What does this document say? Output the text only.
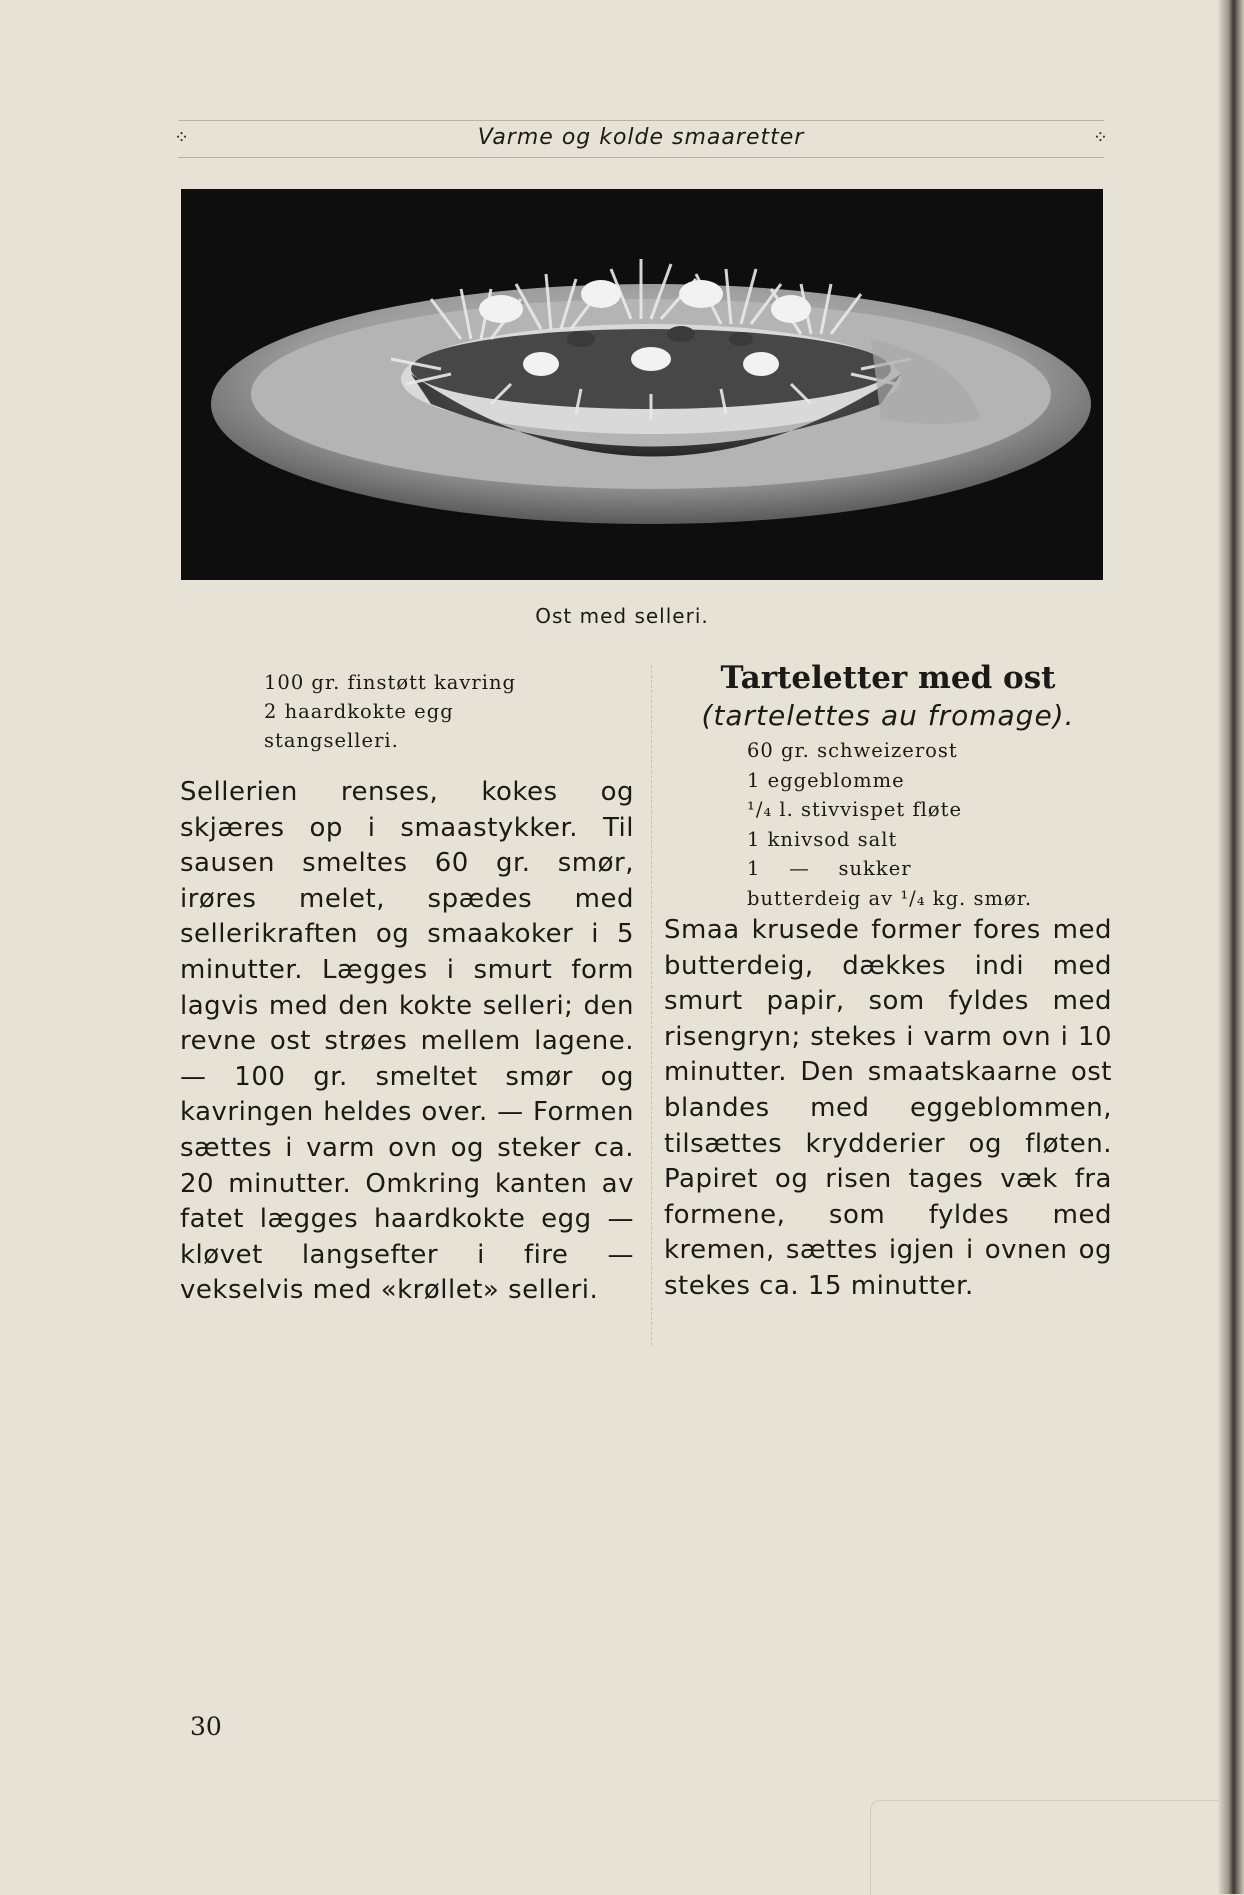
⁘	Varme og kolde smaaretter	⁘
Ost med selleri.
100 gr. finstøtt kavring
2 haardkokte egg
stangselleri.
Sellerien renses, kokes og skjæres op i smaastykker. Til sausen smeltes 60 gr. smør, irøres melet, spædes med sellerikraften og smaakoker i 5 minutter. Lægges i smurt form lagvis med den kokte selleri; den revne ost strøes mellem lagene. — 100 gr. smeltet smør og kavringen heldes over. — Formen sættes i varm ovn og steker ca. 20 minutter. Omkring kanten av fatet lægges haardkokte egg — kløvet langsefter i fire — vekselvis med «krøllet» selleri.
Tarteletter med ost

(tartelettes au fromage).

60 gr. schweizerost
1 eggeblomme
¹/₄ l. stivvispet fløte
1 knivsod salt
1    —    sukker
butterdeig av ¹/₄ kg. smør.
Smaa krusede former fores med butterdeig, dækkes indi med smurt papir, som fyldes med risengryn; stekes i varm ovn i 10 minutter. Den smaatskaarne ost blandes med eggeblommen, tilsættes krydderier og fløten. Papiret og risen tages væk fra formene, som fyldes med kremen, sættes igjen i ovnen og stekes ca. 15 minutter.
30
